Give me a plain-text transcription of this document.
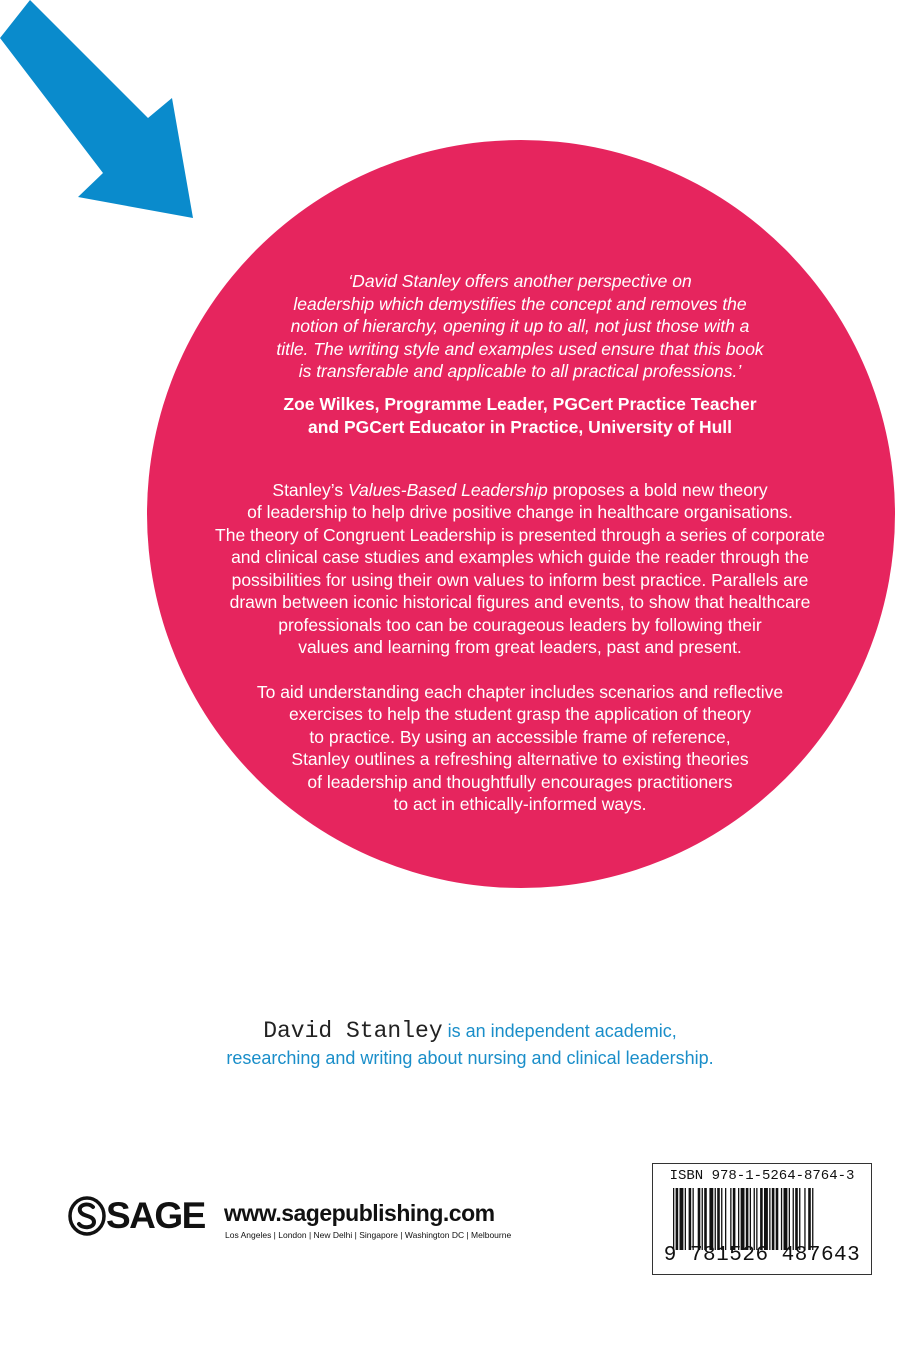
‘David Stanley offers another perspective on
leadership which demystifies the concept and removes the
notion of hierarchy, opening it up to all, not just those with a
title. The writing style and examples used ensure that this book
is transferable and applicable to all practical professions.’

Zoe Wilkes, Programme Leader, PGCert Practice Teacher
and PGCert Educator in Practice, University of Hull

Stanley’s Values-Based Leadership proposes a bold new theory
of leadership to help drive positive change in healthcare organisations.
The theory of Congruent Leadership is presented through a series of corporate
and clinical case studies and examples which guide the reader through the
possibilities for using their own values to inform best practice. Parallels are
drawn between iconic historical figures and events, to show that healthcare
professionals too can be courageous leaders by following their
values and learning from great leaders, past and present.

To aid understanding each chapter includes scenarios and reflective
exercises to help the student grasp the application of theory
to practice. By using an accessible frame of reference,
Stanley outlines a refreshing alternative to existing theories
of leadership and thoughtfully encourages practitioners
to act in ethically-informed ways.

David Stanley is an independent academic,
researching and writing about nursing and clinical leadership.
SAGE www.sagepublishing.com
Los Angeles | London | New Delhi | Singapore | Washington DC | Melbourne
ISBN 978-1-5264-8764-3
9 781526 487643
